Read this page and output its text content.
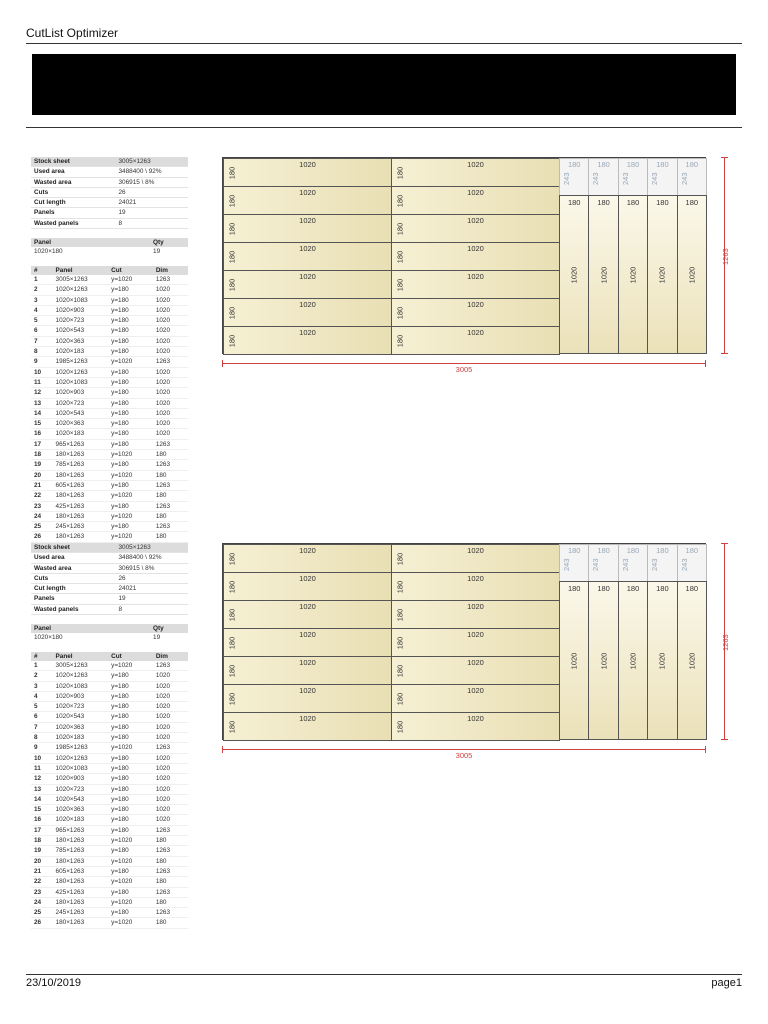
CutList Optimizer
Stock sheet	3005×1263
Used area	3488400 \ 92%
Wasted area	306915 \ 8%
Cuts	26
Cut length	24021
Panels	19
Wasted panels	8
Panel	Qty
1020×180	19
#	Panel	Cut	Dim
1	3005×1263	y=1020	1263
2	1020×1263	y=180	1020
3	1020×1083	y=180	1020
4	1020×903	y=180	1020
5	1020×723	y=180	1020
6	1020×543	y=180	1020
7	1020×363	y=180	1020
8	1020×183	y=180	1020
9	1985×1263	y=1020	1263
10	1020×1263	y=180	1020
11	1020×1083	y=180	1020
12	1020×903	y=180	1020
13	1020×723	y=180	1020
14	1020×543	y=180	1020
15	1020×363	y=180	1020
16	1020×183	y=180	1020
17	965×1263	y=180	1263
18	180×1263	y=1020	180
19	785×1263	y=180	1263
20	180×1263	y=1020	180
21	605×1263	y=180	1263
22	180×1263	y=1020	180
23	425×1263	y=180	1263
24	180×1263	y=1020	180
25	245×1263	y=180	1263
26	180×1263	y=1020	180
1020
180
1020
180
1020
180
1020
180
1020
180
1020
180
1020
180
1020
180
1020
180
1020
180
1020
180
1020
180
1020
180
1020
180
180
243
180
1020
180
243
180
1020
180
243
180
1020
180
243
180
1020
180
243
180
1020
3005
1263
Stock sheet	3005×1263
Used area	3488400 \ 92%
Wasted area	306915 \ 8%
Cuts	26
Cut length	24021
Panels	19
Wasted panels	8
Panel	Qty
1020×180	19
#	Panel	Cut	Dim
1	3005×1263	y=1020	1263
2	1020×1263	y=180	1020
3	1020×1083	y=180	1020
4	1020×903	y=180	1020
5	1020×723	y=180	1020
6	1020×543	y=180	1020
7	1020×363	y=180	1020
8	1020×183	y=180	1020
9	1985×1263	y=1020	1263
10	1020×1263	y=180	1020
11	1020×1083	y=180	1020
12	1020×903	y=180	1020
13	1020×723	y=180	1020
14	1020×543	y=180	1020
15	1020×363	y=180	1020
16	1020×183	y=180	1020
17	965×1263	y=180	1263
18	180×1263	y=1020	180
19	785×1263	y=180	1263
20	180×1263	y=1020	180
21	605×1263	y=180	1263
22	180×1263	y=1020	180
23	425×1263	y=180	1263
24	180×1263	y=1020	180
25	245×1263	y=180	1263
26	180×1263	y=1020	180
1020
180
1020
180
1020
180
1020
180
1020
180
1020
180
1020
180
1020
180
1020
180
1020
180
1020
180
1020
180
1020
180
1020
180
180
243
180
1020
180
243
180
1020
180
243
180
1020
180
243
180
1020
180
243
180
1020
3005
1263
23/10/2019	page1
